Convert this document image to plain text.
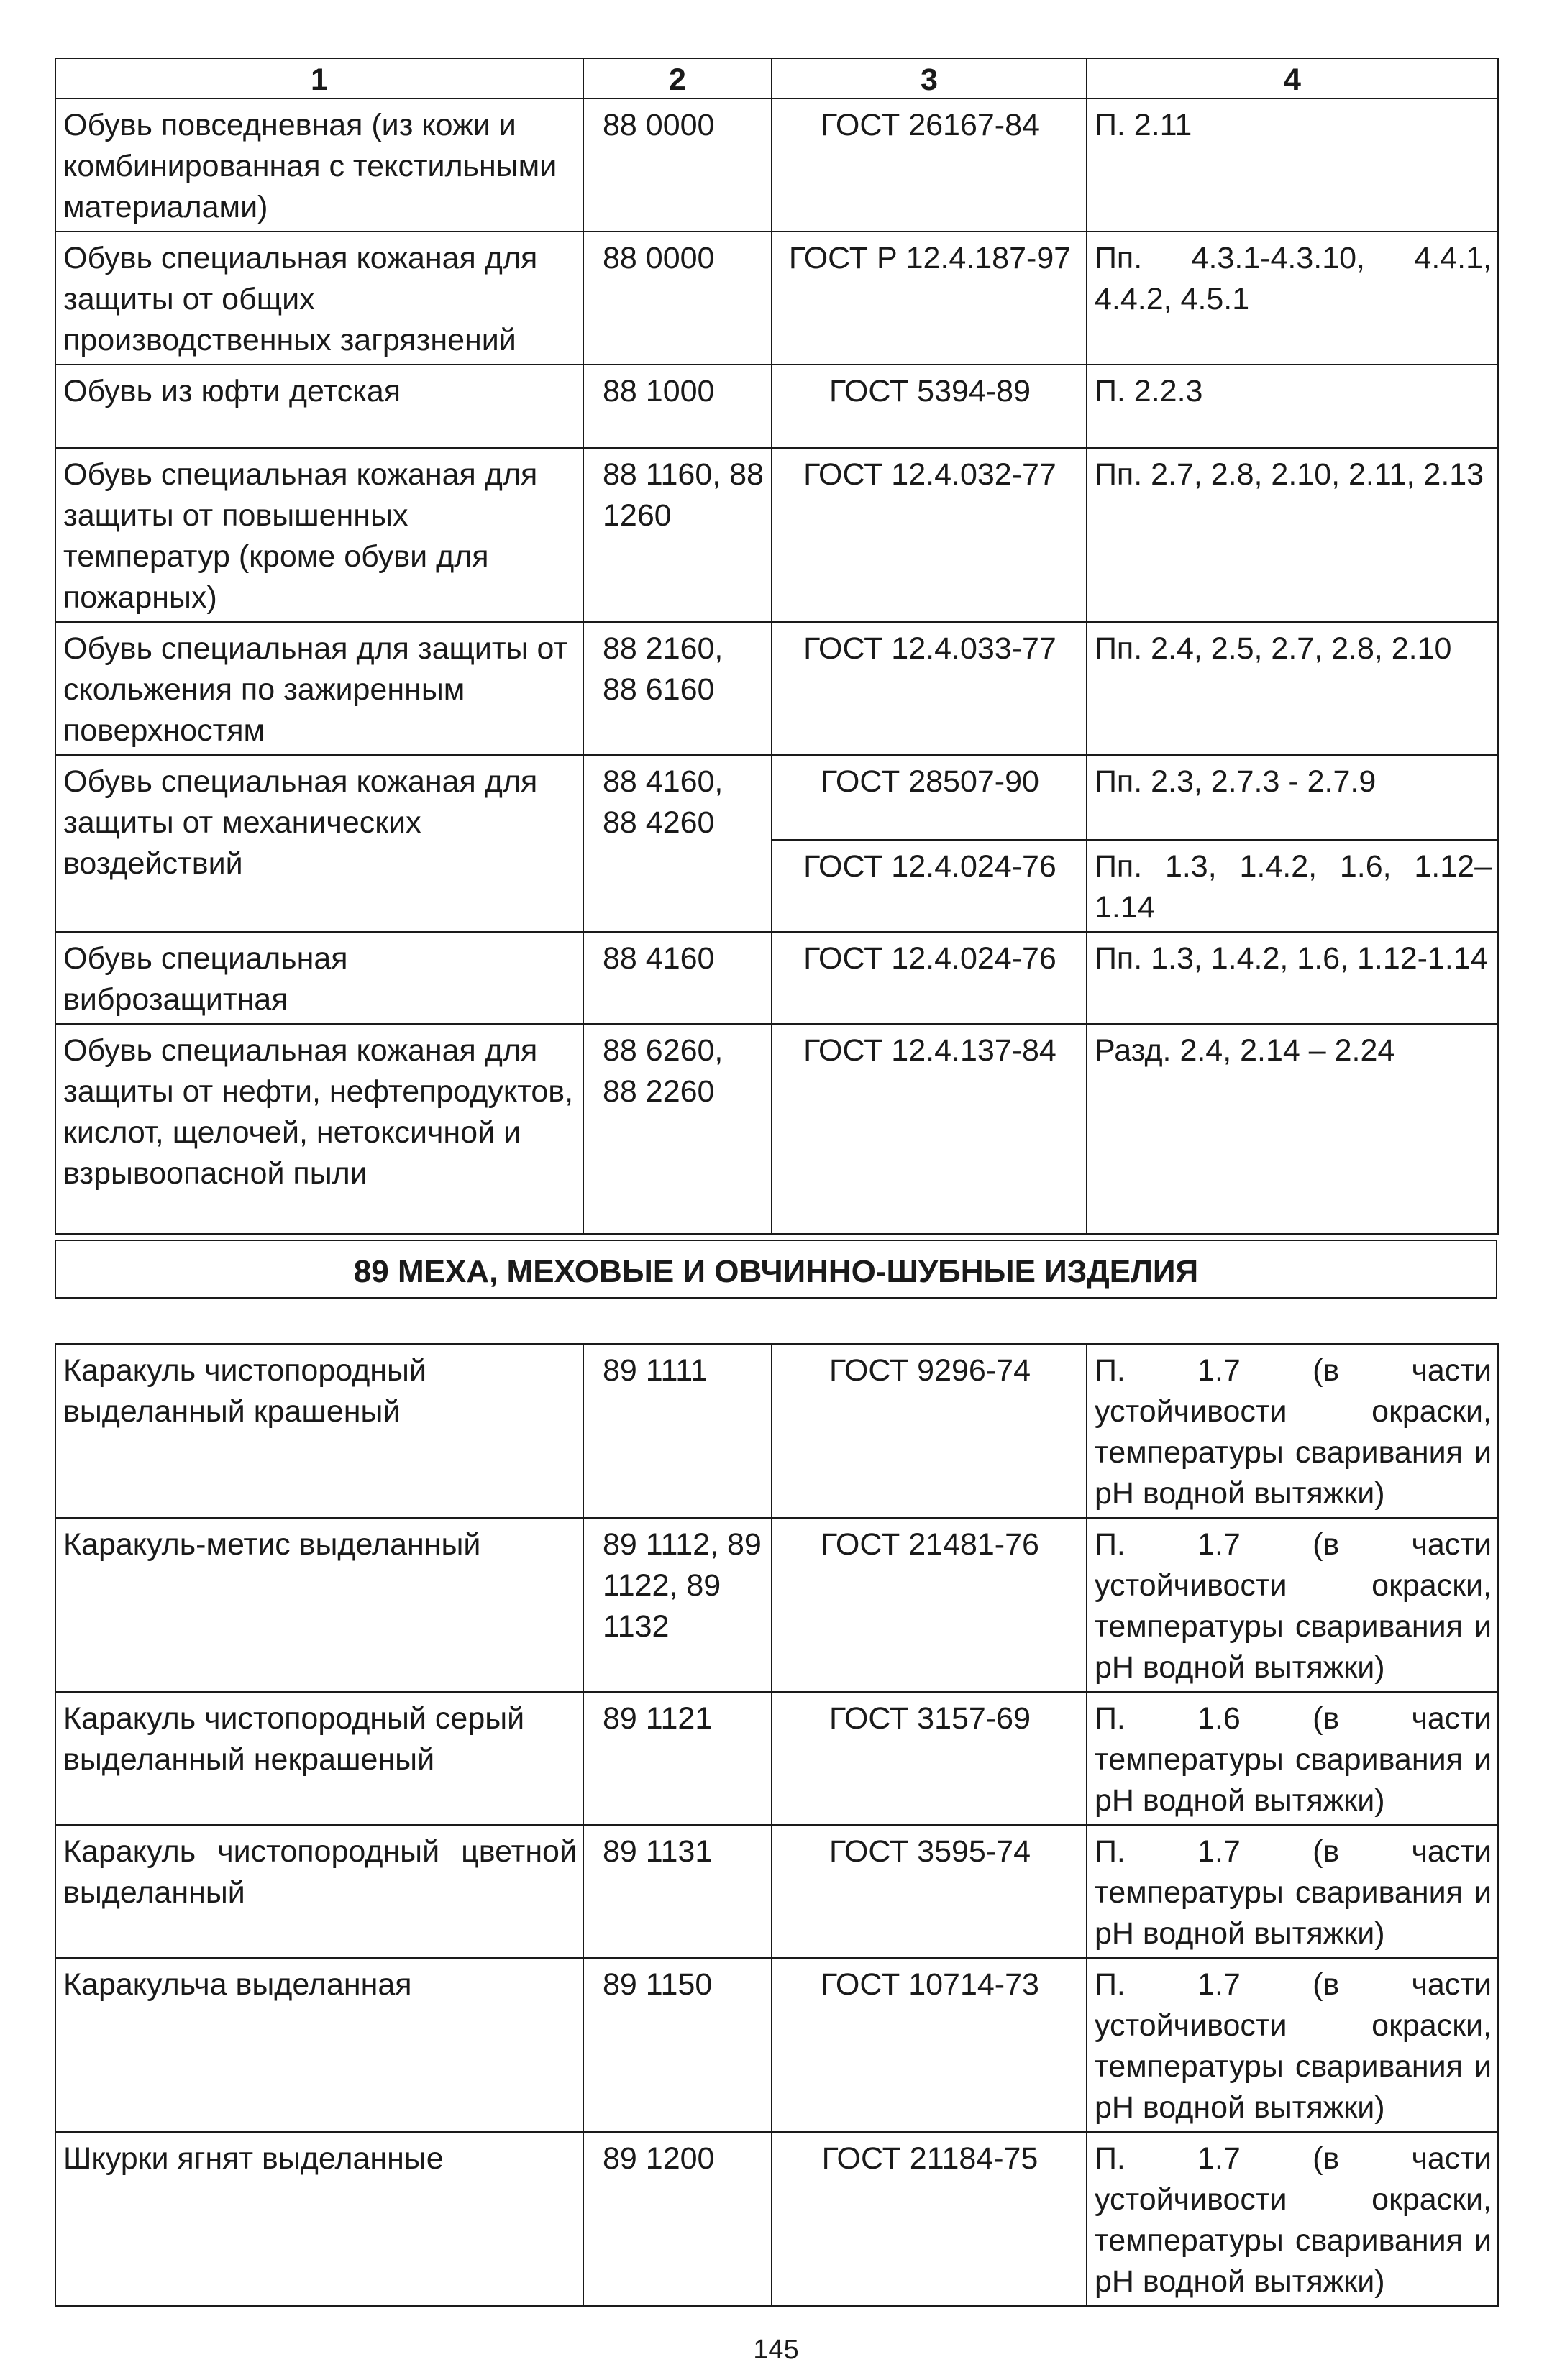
1	2	3	4
Обувь повседневная (из кожи и комбинированная с текстильными материалами)	88 0000	ГОСТ 26167-84	П. 2.11
Обувь специальная кожаная для защиты от общих производственных загрязнений	88 0000	ГОСТ Р 12.4.187-97	Пп. 4.3.1-4.3.10, 4.4.1, 4.4.2, 4.5.1
Обувь из юфти детская	88 1000	ГОСТ 5394-89	П. 2.2.3
Обувь специальная кожаная для защиты от повышенных температур (кроме обуви для пожарных)	88 1160, 88 1260	ГОСТ 12.4.032-77	Пп. 2.7, 2.8, 2.10, 2.11, 2.13
Обувь специальная для защиты от скольжения по зажиренным поверхностям	88 2160, 88 6160	ГОСТ 12.4.033-77	Пп. 2.4, 2.5, 2.7, 2.8, 2.10
Обувь специальная кожаная для защиты от механических воздействий	88 4160, 88 4260	ГОСТ 28507-90	Пп. 2.3, 2.7.3 - 2.7.9
		ГОСТ 12.4.024-76	Пп. 1.3, 1.4.2, 1.6, 1.12–1.14
Обувь специальная виброзащитная	88 4160	ГОСТ 12.4.024-76	Пп. 1.3, 1.4.2, 1.6, 1.12-1.14
Обувь специальная кожаная для защиты от нефти, нефтепродуктов, кислот, щелочей, нетоксичной и взрывоопасной пыли	88 6260, 88 2260	ГОСТ 12.4.137-84	Разд. 2.4, 2.14 – 2.24
89 МЕХА, МЕХОВЫЕ И ОВЧИННО-ШУБНЫЕ ИЗДЕЛИЯ
Каракуль чистопородный выделанный крашеный	89 1111	ГОСТ 9296-74	П. 1.7 (в части устойчивости окраски, температуры сваривания и pH водной вытяжки)
Каракуль-метис выделанный	89 1112, 89 1122, 89 1132	ГОСТ 21481-76	П. 1.7 (в части устойчивости окраски, температуры сваривания и pH водной вытяжки)
Каракуль чистопородный серый выделанный некрашеный	89 1121	ГОСТ 3157-69	П. 1.6 (в части температуры сваривания и pH водной вытяжки)
Каракуль чистопородный цветной выделанный	89 1131	ГОСТ 3595-74	П. 1.7 (в части температуры сваривания и pH водной вытяжки)
Каракульча выделанная	89 1150	ГОСТ 10714-73	П. 1.7 (в части устойчивости окраски, температуры сваривания и pH водной вытяжки)
Шкурки ягнят выделанные	89 1200	ГОСТ 21184-75	П. 1.7 (в части устойчивости окраски, температуры сваривания и pH водной вытяжки)
145
